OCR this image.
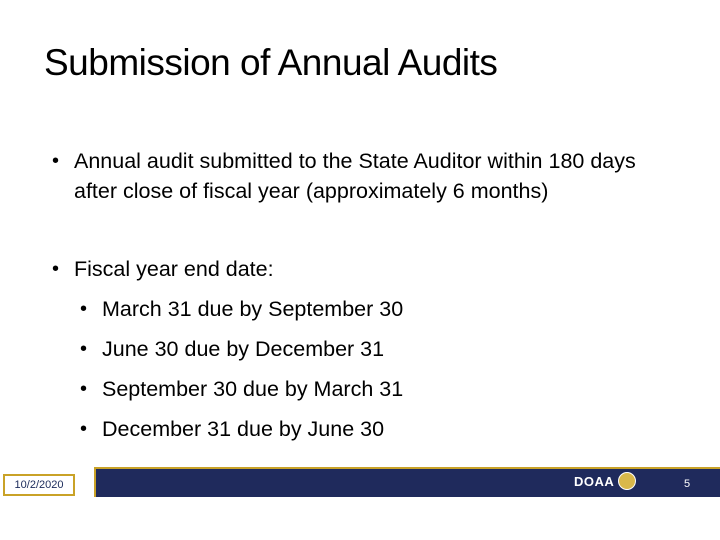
Submission of Annual Audits
• Annual audit submitted to the State Auditor within 180 days after close of fiscal year (approximately 6 months)
• Fiscal year end date:
• March 31 due by September 30
• June 30 due by December 31
• September 30 due by March 31
• December 31 due by June 30
10/2/2020	DOAA	5
